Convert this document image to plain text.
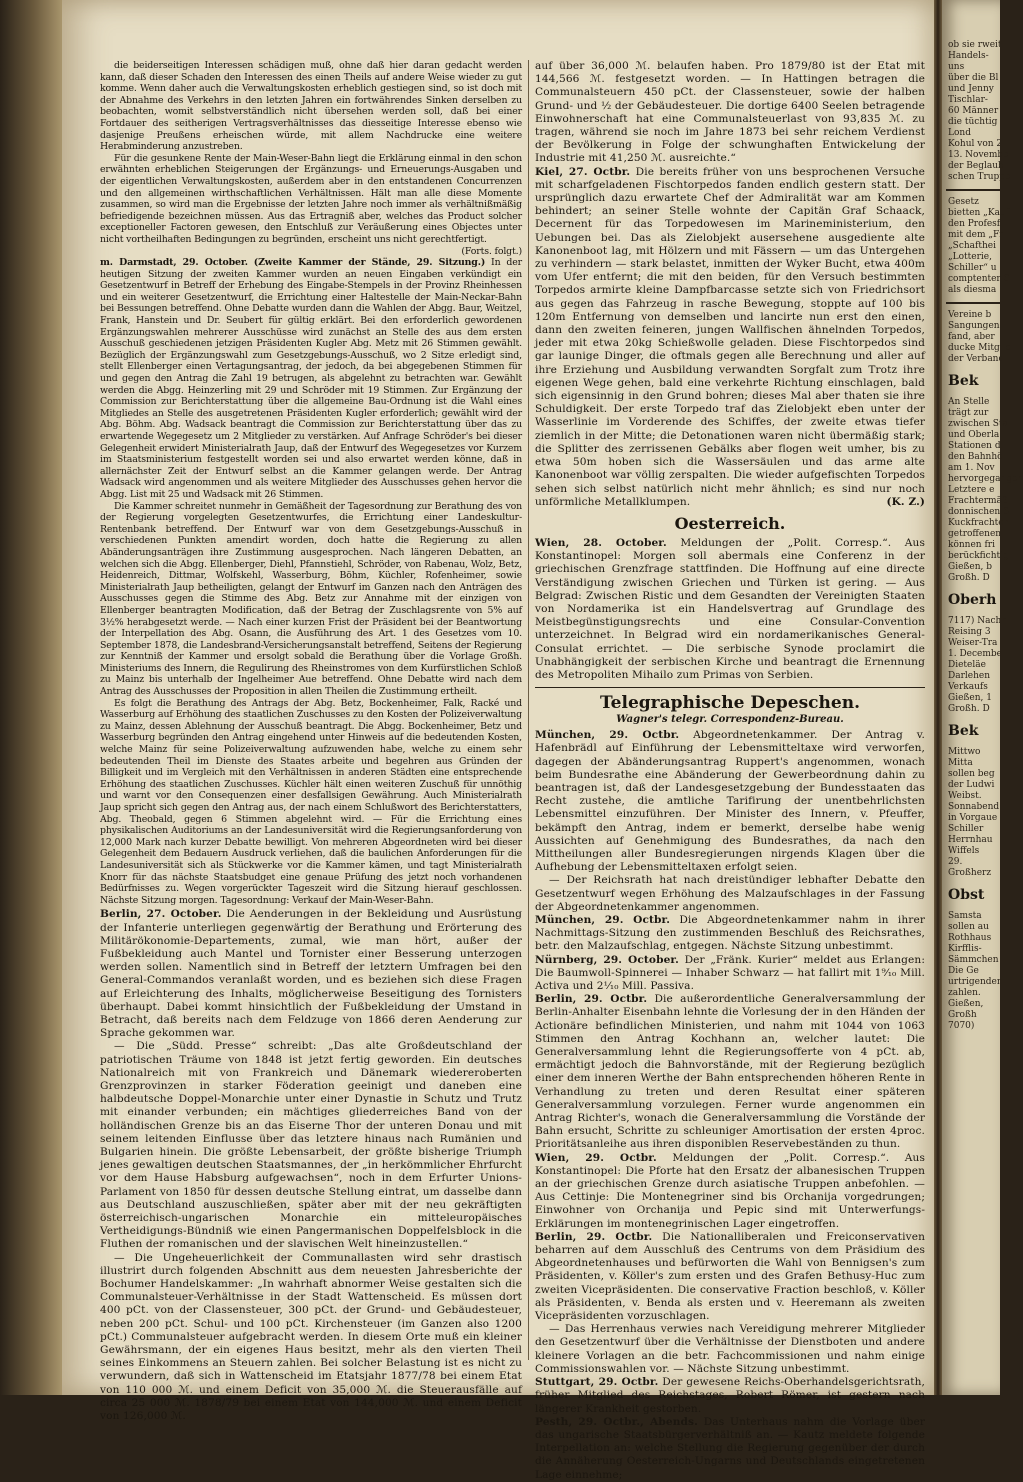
die beiderseitigen Interessen schädigen muß, ohne daß hier daran gedacht werden kann, daß dieser Schaden den Interessen des einen Theils auf andere Weise wieder zu gut komme. Wenn daher auch die Verwaltungskosten erheblich gestiegen sind, so ist doch mit der Abnahme des Verkehrs in den letzten Jahren ein fortwährendes Sinken derselben zu beobachten, womit selbstverständlich nicht übersehen werden soll, daß bei einer Fortdauer des seitherigen Vertragsverhältnisses das diesseitige Interesse ebenso wie dasjenige Preußens erheischen würde, mit allem Nachdrucke eine weitere Herabminderung anzustreben.

Für die gesunkene Rente der Main-Weser-Bahn liegt die Erklärung einmal in den schon erwähnten erheblichen Steigerungen der Ergänzungs- und Erneuerungs-Ausgaben und der eigentlichen Verwaltungskosten, außerdem aber in den entstandenen Concurrenzen und den allgemeinen wirthschaftlichen Verhältnissen. Hält man alle diese Momente zusammen, so wird man die Ergebnisse der letzten Jahre noch immer als verhältnißmäßig befriedigende bezeichnen müssen. Aus das Ertragniß aber, welches das Product solcher exceptioneller Factoren gewesen, den Entschluß zur Veräußerung eines Objectes unter nicht vortheilhaften Bedingungen zu begründen, erscheint uns nicht gerechtfertigt.

(Forts. folgt.)

m. Darmstadt, 29. October. (Zweite Kammer der Stände, 29. Sitzung.) In der heutigen Sitzung der zweiten Kammer wurden an neuen Eingaben verkündigt ein Gesetzentwurf in Betreff der Erhebung des Eingabe-Stempels in der Provinz Rheinhessen und ein weiterer Gesetzentwurf, die Errichtung einer Haltestelle der Main-Neckar-Bahn bei Bessungen betreffend. Ohne Debatte wurden dann die Wahlen der Abgg. Baur, Weitzel, Frank, Hanstein und Dr. Seubert für gültig erklärt. Bei den erforderlich gewordenen Ergänzungswahlen mehrerer Ausschüsse wird zunächst an Stelle des aus dem ersten Ausschuß geschiedenen jetzigen Präsidenten Kugler Abg. Metz mit 26 Stimmen gewählt. Bezüglich der Ergänzungswahl zum Gesetzgebungs-Ausschuß, wo 2 Sitze erledigt sind, stellt Ellenberger einen Vertagungsantrag, der jedoch, da bei abgegebenen Stimmen für und gegen den Antrag die Zahl 19 betrugen, als abgelehnt zu betrachten war. Gewählt werden die Abgg. Heinzerling mit 29 und Schröder mit 19 Stimmen. Zur Ergänzung der Commission zur Berichterstattung über die allgemeine Bau-Ordnung ist die Wahl eines Mitgliedes an Stelle des ausgetretenen Präsidenten Kugler erforderlich; gewählt wird der Abg. Böhm. Abg. Wadsack beantragt die Commission zur Berichterstattung über das zu erwartende Wegegesetz um 2 Mitglieder zu verstärken. Auf Anfrage Schröder's bei dieser Gelegenheit erwidert Ministerialrath Jaup, daß der Entwurf des Wegegesetzes vor Kurzem im Staatsministerium festgestellt worden sei und also erwartet werden könne, daß in allernächster Zeit der Entwurf selbst an die Kammer gelangen werde. Der Antrag Wadsack wird angenommen und als weitere Mitglieder des Ausschusses gehen hervor die Abgg. List mit 25 und Wadsack mit 26 Stimmen.

Die Kammer schreitet nunmehr in Gemäßheit der Tagesordnung zur Berathung des von der Regierung vorgelegten Gesetzentwurfes, die Errichtung einer Landeskultur-Rentenbank betreffend. Der Entwurf war von dem Gesetzgebungs-Ausschuß in verschiedenen Punkten amendirt worden, doch hatte die Regierung zu allen Abänderungsanträgen ihre Zustimmung ausgesprochen. Nach längeren Debatten, an welchen sich die Abgg. Ellenberger, Diehl, Pfannstiehl, Schröder, von Rabenau, Wolz, Betz, Heidenreich, Dittmar, Wolfskehl, Wasserburg, Böhm, Küchler, Rofenheimer, sowie Ministerialrath Jaup betheiligten, gelangt der Entwurf im Ganzen nach den Anträgen des Ausschusses gegen die Stimme des Abg. Betz zur Annahme mit der einzigen von Ellenberger beantragten Modification, daß der Betrag der Zuschlagsrente von 5% auf 3½% herabgesetzt werde. — Nach einer kurzen Frist der Präsident bei der Beantwortung der Interpellation des Abg. Osann, die Ausführung des Art. 1 des Gesetzes vom 10. September 1878, die Landesbrand-Versicherungsanstalt betreffend, Seitens der Regierung zur Kenntniß der Kammer und ersolgt sobald die Berathung über die Vorlage Großh. Ministeriums des Innern, die Regulirung des Rheinstromes von dem Kurfürstlichen Schloß zu Mainz bis unterhalb der Ingelheimer Aue betreffend. Ohne Debatte wird nach dem Antrag des Ausschusses der Proposition in allen Theilen die Zustimmung ertheilt.

Es folgt die Berathung des Antrags der Abg. Betz, Bockenheimer, Falk, Racké und Wasserburg auf Erhöhung des staatlichen Zuschusses zu den Kosten der Polizeiverwaltung zu Mainz, dessen Ablehnung der Ausschuß beantragt. Die Abgg. Bockenheimer, Betz und Wasserburg begründen den Antrag eingehend unter Hinweis auf die bedeutenden Kosten, welche Mainz für seine Polizeiverwaltung aufzuwenden habe, welche zu einem sehr bedeutenden Theil im Dienste des Staates arbeite und begehren aus Gründen der Billigkeit und im Vergleich mit den Verhältnissen in anderen Städten eine entsprechende Erhöhung des staatlichen Zuschusses. Küchler hält einen weiteren Zuschuß für unnöthig und warnt vor den Consequenzen einer desfallsigen Gewährung. Auch Ministerialrath Jaup spricht sich gegen den Antrag aus, der nach einem Schlußwort des Berichterstatters, Abg. Theobald, gegen 6 Stimmen abgelehnt wird. — Für die Errichtung eines physikalischen Auditoriums an der Landesuniversität wird die Regierungsanforderung von 12,000 Mark nach kurzer Debatte bewilligt. Von mehreren Abgeordneten wird bei dieser Gelegenheit dem Bedauern Ausdruck verliehen, daß die baulichen Anforderungen für die Landesuniversität sich als Stückwerke vor die Kammer kämen, und tagt Ministerialrath Knorr für das nächste Staatsbudget eine genaue Prüfung des jetzt noch vorhandenen Bedürfnisses zu. Wegen vorgerückter Tageszeit wird die Sitzung hierauf geschlossen. Nächste Sitzung morgen. Tagesordnung: Verkauf der Main-Weser-Bahn.

Berlin, 27. October. Die Aenderungen in der Bekleidung und Ausrüstung der Infanterie unterliegen gegenwärtig der Berathung und Erörterung des Militärökonomie-Departements, zumal, wie man hört, außer der Fußbekleidung auch Mantel und Tornister einer Besserung unterzogen werden sollen. Namentlich sind in Betreff der letztern Umfragen bei den General-Commandos veranlaßt worden, und es beziehen sich diese Fragen auf Erleichterung des Inhalts, möglicherweise Beseitigung des Tornisters überhaupt. Dabei kommt hinsichtlich der Fußbekleidung der Umstand in Betracht, daß bereits nach dem Feldzuge von 1866 deren Aenderung zur Sprache gekommen war.

— Die „Südd. Presse“ schreibt: „Das alte Großdeutschland der patriotischen Träume von 1848 ist jetzt fertig geworden. Ein deutsches Nationalreich mit von Frankreich und Dänemark wiedereroberten Grenzprovinzen in starker Föderation geeinigt und daneben eine halbdeutsche Doppel-Monarchie unter einer Dynastie in Schutz und Trutz mit einander verbunden; ein mächtiges gliederreiches Band von der holländischen Grenze bis an das Eiserne Thor der unteren Donau und mit seinem leitenden Einflusse über das letztere hinaus nach Rumänien und Bulgarien hinein. Die größte Lebensarbeit, der größte bisherige Triumph jenes gewaltigen deutschen Staatsmannes, der „in herkömmlicher Ehrfurcht vor dem Hause Habsburg aufgewachsen“, noch in dem Erfurter Unions-Parlament von 1850 für dessen deutsche Stellung eintrat, um dasselbe dann aus Deutschland auszuschließen, später aber mit der neu gekräftigten österreichisch-ungarischen Monarchie ein mitteleuropäisches Vertheidigungs-Bündniß wie einen Pangermanischen Doppelfelsblock in die Fluthen der romanischen und der slavischen Welt hineinzustellen.“

— Die Ungeheuerlichkeit der Communallasten wird sehr drastisch illustrirt durch folgenden Abschnitt aus dem neuesten Jahresberichte der Bochumer Handelskammer: „In wahrhaft abnormer Weise gestalten sich die Communalsteuer-Verhältnisse in der Stadt Wattenscheid. Es müssen dort 400 pCt. von der Classensteuer, 300 pCt. der Grund- und Gebäudesteuer, neben 200 pCt. Schul- und 100 pCt. Kirchensteuer (im Ganzen also 1200 pCt.) Communalsteuer aufgebracht werden. In diesem Orte muß ein kleiner Gewährsmann, der ein eigenes Haus besitzt, mehr als den vierten Theil seines Einkommens an Steuern zahlen. Bei solcher Belastung ist es nicht zu verwundern, daß sich in Wattenscheid im Etatsjahr 1877/78 bei einem Etat von 110 000 ℳ. und einem Deficit von 35,000 ℳ. die Steuerausfälle auf circa 25 000 ℳ. 1878/79 bei einem Etat von 144,000 ℳ. und einem Deficit von 126,000 ℳ.

auf über 36,000 ℳ. belaufen haben. Pro 1879/80 ist der Etat mit 144,566 ℳ. festgesetzt worden. — In Hattingen betragen die Communalsteuern 450 pCt. der Classensteuer, sowie der halben Grund- und ½ der Gebäudesteuer. Die dortige 6400 Seelen betragende Einwohnerschaft hat eine Communalsteuerlast von 93,835 ℳ. zu tragen, während sie noch im Jahre 1873 bei sehr reichem Verdienst der Bevölkerung in Folge der schwunghaften Entwickelung der Industrie mit 41,250 ℳ. ausreichte.“

Kiel, 27. Octbr. Die bereits früher von uns besprochenen Versuche mit scharfgeladenen Fischtorpedos fanden endlich gestern statt. Der ursprünglich dazu erwartete Chef der Admiralität war am Kommen behindert; an seiner Stelle wohnte der Capitän Graf Schaack, Decernent für das Torpedowesen im Marineministerium, den Uebungen bei. Das als Zielobjekt ausersehene ausgediente alte Kanonenboot lag, mit Hölzern und mit Fässern — um das Untergehen zu verhindern — stark belastet, inmitten der Wyker Bucht, etwa 400m vom Ufer entfernt; die mit den beiden, für den Versuch bestimmten Torpedos armirte kleine Dampfbarcasse setzte sich von Friedrichsort aus gegen das Fahrzeug in rasche Bewegung, stoppte auf 100 bis 120m Entfernung von demselben und lancirte nun erst den einen, dann den zweiten feineren, jungen Wallfischen ähnelnden Torpedos, jeder mit etwa 20kg Schießwolle geladen. Diese Fischtorpedos sind gar launige Dinger, die oftmals gegen alle Berechnung und aller auf ihre Erziehung und Ausbildung verwandten Sorgfalt zum Trotz ihre eigenen Wege gehen, bald eine verkehrte Richtung einschlagen, bald sich eigensinnig in den Grund bohren; dieses Mal aber thaten sie ihre Schuldigkeit. Der erste Torpedo traf das Zielobjekt eben unter der Wasserlinie im Vorderende des Schiffes, der zweite etwas tiefer ziemlich in der Mitte; die Detonationen waren nicht übermäßig stark; die Splitter des zerrissenen Gebälks aber flogen weit umher, bis zu etwa 50m hoben sich die Wassersäulen und das arme alte Kanonenboot war völlig zerspalten. Die wieder aufgefischten Torpedos sehen sich selbst natürlich nicht mehr ähnlich; es sind nur noch unförmliche Metallklumpen.	(K. Z.)

Oesterreich.

Wien, 28. October. Meldungen der „Polit. Corresp.“. Aus Konstantinopel: Morgen soll abermals eine Conferenz in der griechischen Grenzfrage stattfinden. Die Hoffnung auf eine directe Verständigung zwischen Griechen und Türken ist gering. — Aus Belgrad: Zwischen Ristic und dem Gesandten der Vereinigten Staaten von Nordamerika ist ein Handelsvertrag auf Grundlage des Meistbegünstigungsrechts und eine Consular-Convention unterzeichnet. In Belgrad wird ein nordamerikanisches General-Consulat errichtet. — Die serbische Synode proclamirt die Unabhängigkeit der serbischen Kirche und beantragt die Ernennung des Metropoliten Mihailo zum Primas von Serbien.

Telegraphische Depeschen.
Wagner's telegr. Correspondenz-Bureau.

München, 29. Octbr. Abgeordnetenkammer. Der Antrag v. Hafenbrädl auf Einführung der Lebensmitteltaxe wird verworfen, dagegen der Abänderungsantrag Ruppert's angenommen, wonach beim Bundesrathe eine Abänderung der Gewerbeordnung dahin zu beantragen ist, daß der Landesgesetzgebung der Bundesstaaten das Recht zustehe, die amtliche Tarifirung der unentbehrlichsten Lebensmittel einzuführen. Der Minister des Innern, v. Pfeuffer, bekämpft den Antrag, indem er bemerkt, derselbe habe wenig Aussichten auf Genehmigung des Bundesrathes, da nach den Mittheilungen aller Bundesregierungen nirgends Klagen über die Aufhebung der Lebensmitteltaxen erfolgt seien.

— Der Reichsrath hat nach dreistündiger lebhafter Debatte den Gesetzentwurf wegen Erhöhung des Malzaufschlages in der Fassung der Abgeordnetenkammer angenommen.

München, 29. Octbr. Die Abgeordnetenkammer nahm in ihrer Nachmittags-Sitzung den zustimmenden Beschluß des Reichsrathes, betr. den Malzaufschlag, entgegen. Nächste Sitzung unbestimmt.

Nürnberg, 29. October. Der „Fränk. Kurier“ meldet aus Erlangen: Die Baumwoll-Spinnerei — Inhaber Schwarz — hat fallirt mit 1⁹⁄₁₀ Mill. Activa und 2¹⁄₁₀ Mill. Passiva.

Berlin, 29. Octbr. Die außerordentliche Generalversammlung der Berlin-Anhalter Eisenbahn lehnte die Vorlesung der in den Händen der Actionäre befindlichen Ministerien, und nahm mit 1044 von 1063 Stimmen den Antrag Kochhann an, welcher lautet: Die Generalversammlung lehnt die Regierungsofferte von 4 pCt. ab, ermächtigt jedoch die Bahnvorstände, mit der Regierung bezüglich einer dem inneren Werthe der Bahn entsprechenden höheren Rente in Verhandlung zu treten und deren Resultat einer späteren Generalversammlung vorzulegen. Ferner wurde angenommen ein Antrag Richter's, wonach die Generalversammlung die Vorstände der Bahn ersucht, Schritte zu schleuniger Amortisation der ersten 4proc. Prioritätsanleihe aus ihren disponiblen Reservebeständen zu thun.

Wien, 29. Octbr. Meldungen der „Polit. Corresp.“. Aus Konstantinopel: Die Pforte hat den Ersatz der albanesischen Truppen an der griechischen Grenze durch asiatische Truppen anbefohlen. — Aus Cettinje: Die Montenegriner sind bis Orchanija vorgedrungen; Einwohner von Orchanija und Pepic sind mit Unterwerfungs-Erklärungen im montenegrinischen Lager eingetroffen.

Berlin, 29. Octbr. Die Nationalliberalen und Freiconservativen beharren auf dem Ausschluß des Centrums von dem Präsidium des Abgeordnetenhauses und befürworten die Wahl von Bennigsen's zum Präsidenten, v. Köller's zum ersten und des Grafen Bethusy-Huc zum zweiten Vicepräsidenten. Die conservative Fraction beschloß, v. Köller als Präsidenten, v. Benda als ersten und v. Heeremann als zweiten Vicepräsidenten vorzuschlagen.

— Das Herrenhaus verwies nach Vereidigung mehrerer Mitglieder den Gesetzentwurf über die Verhältnisse der Dienstboten und andere kleinere Vorlagen an die betr. Fachcommissionen und nahm einige Commissionswahlen vor. — Nächste Sitzung unbestimmt.

Stuttgart, 29. Octbr. Der gewesene Reichs-Oberhandelsgerichtsrath, früher Mitglied des Reichstages, Robert Römer, ist gestern nach längerer Krankheit gestorben.

Pesth, 29. Octbr., Abends. Das Unterhaus nahm die Vorlage über das ungarische Staatsbürgerverhältniß an. — Kautz meldete folgende Interpellation an: welche Stellung die Regierung gegenüber der durch die Annäherung Oesterreich-Ungarns und Deutschlands eingetretenen Lage einnehme;

ob sie rweit
Handels-
uns
über die Bl
und Jenny
Tischlar-
60 Männer
die tüchtig
Lond
Kohul von 2
13. Novembe
der Beglaub
schen Truppe
Gesetz
bietten „Kauf
den Profesf
mit dem „Fr
„Schafthei
„Lotterie,
Schiller“ u
comptenter S
als diesma
Vereine b
Sangungen
fand, aber
ducke Mitglie
der Verband
Bek
An Stelle
trägt zur
zwischen Sta
und Oberla
Stationen d
den Bahnhö
am 1. Nov
hervorgegangen
Letztere e
Frachtermäß
donnischen S
Kuckfrachten
getroffenen
können fri
berückfichtig
Gießen, b
Großh. D
Oberh
7117) Nachr
Reising 3
Weiser-Tra
1. Decembe
Dieteläe
Darlehen
Verkaufs
Gießen, 1
Großh. D
Bek
Mittwo
Mitta
sollen beg
der Ludwi
Weibst.
Sonnabend
in Vorgaue
Schiller
Herrnhau
Wiffels
29.
Großherz
Obst
Samsta
sollen au
Rothhaus
Kirfflis-
Sämmchen
Die Ge
urtrigenden
zahlen.
Gießen,
Großh
7070)
